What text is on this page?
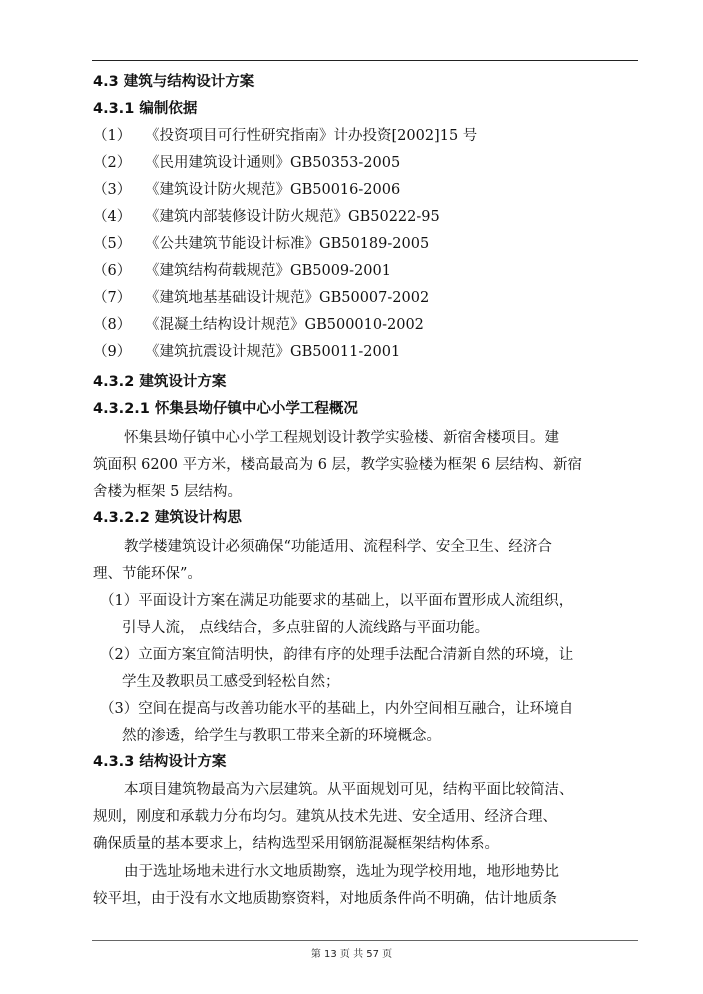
4.3 建筑与结构设计方案
4.3.1 编制依据
（1） 《投资项目可行性研究指南》计办投资[2002]15 号
（2） 《民用建筑设计通则》GB50353-2005
（3） 《建筑设计防火规范》GB50016-2006
（4） 《建筑内部装修设计防火规范》GB50222-95
（5） 《公共建筑节能设计标准》GB50189-2005
（6） 《建筑结构荷载规范》GB5009-2001
（7） 《建筑地基基础设计规范》GB50007-2002
（8） 《混凝土结构设计规范》GB500010-2002
（9） 《建筑抗震设计规范》GB50011-2001
4.3.2 建筑设计方案
4.3.2.1 怀集县坳仔镇中心小学工程概况
怀集县坳仔镇中心小学工程规划设计教学实验楼、新宿舍楼项目。建
筑面积 6200 平方米，楼高最高为 6 层，教学实验楼为框架 6 层结构、新宿
舍楼为框架 5 层结构。
4.3.2.2 建筑设计构思
教学楼建筑设计必须确保“功能适用、流程科学、安全卫生、经济合
理、节能环保”。
（1）平面设计方案在满足功能要求的基础上，以平面布置形成人流组织，
引导人流， 点线结合，多点驻留的人流线路与平面功能。
（2）立面方案宜简洁明快，韵律有序的处理手法配合清新自然的环境，让
学生及教职员工感受到轻松自然；
（3）空间在提高与改善功能水平的基础上，内外空间相互融合，让环境自
然的渗透，给学生与教职工带来全新的环境概念。
4.3.3 结构设计方案
本项目建筑物最高为六层建筑。从平面规划可见，结构平面比较简洁、
规则，刚度和承载力分布均匀。建筑从技术先进、安全适用、经济合理、
确保质量的基本要求上，结构选型采用钢筋混凝框架结构体系。
由于选址场地未进行水文地质勘察，选址为现学校用地，地形地势比
较平坦，由于没有水文地质勘察资料，对地质条件尚不明确，估计地质条
第 13 页 共 57 页
